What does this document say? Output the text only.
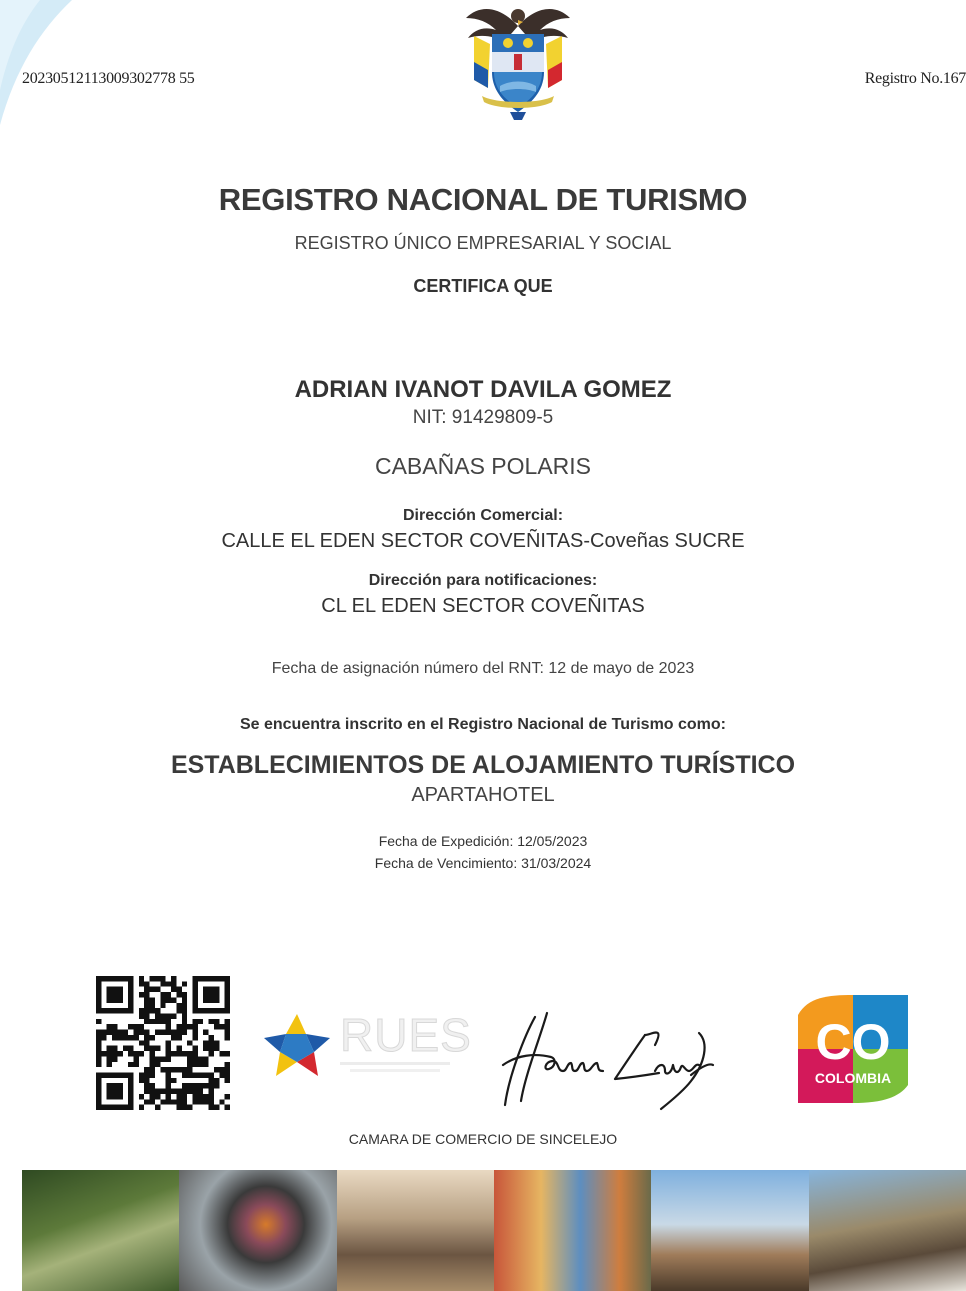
20230512113009302778 55	Registro No.167
REGISTRO NACIONAL DE TURISMO
REGISTRO ÚNICO EMPRESARIAL Y SOCIAL
CERTIFICA QUE
ADRIAN IVANOT DAVILA GOMEZ
NIT: 91429809-5
CABAÑAS POLARIS
Dirección Comercial:
CALLE EL EDEN SECTOR COVEÑITAS-Coveñas SUCRE
Dirección para notificaciones:
CL EL EDEN SECTOR COVEÑITAS
Fecha de asignación número del RNT: 12 de mayo de 2023
Se encuentra inscrito en el Registro Nacional de Turismo como:
ESTABLECIMIENTOS DE ALOJAMIENTO TURÍSTICO
APARTAHOTEL
Fecha de Expedición: 12/05/2023
Fecha de Vencimiento: 31/03/2024
RUES	CO
COLOMBIA
CAMARA DE COMERCIO DE SINCELEJO
